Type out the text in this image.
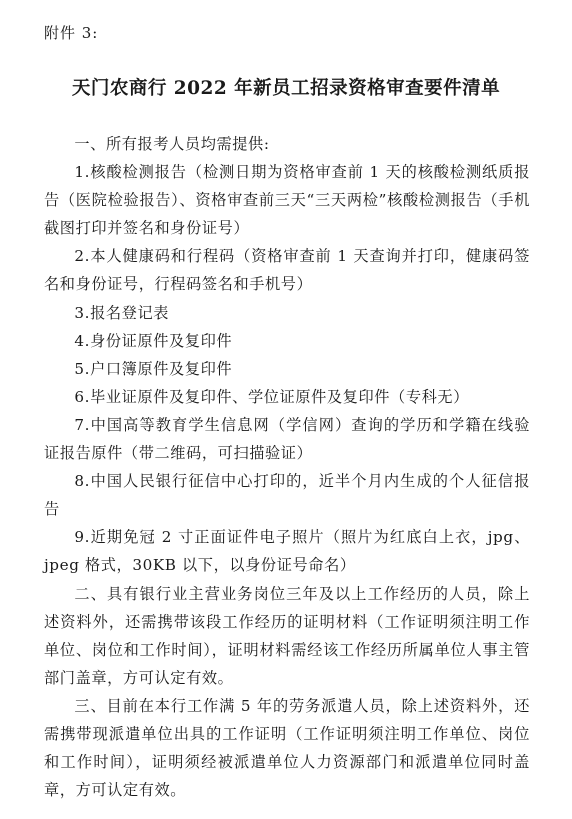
附件 3:
天门农商行 2022 年新员工招录资格审查要件清单

一、所有报考人员均需提供:

1.核酸检测报告（检测日期为资格审查前 1 天的核酸检测纸质报告（医院检验报告）、资格审查前三天“三天两检”核酸检测报告（手机截图打印并签名和身份证号）

2.本人健康码和行程码（资格审查前 1 天查询并打印，健康码签名和身份证号，行程码签名和手机号）

3.报名登记表

4.身份证原件及复印件

5.户口簿原件及复印件

6.毕业证原件及复印件、学位证原件及复印件（专科无）

7.中国高等教育学生信息网（学信网）查询的学历和学籍在线验证报告原件（带二维码，可扫描验证）

8.中国人民银行征信中心打印的，近半个月内生成的个人征信报告

9.近期免冠 2 寸正面证件电子照片（照片为红底白上衣，jpg、jpeg 格式，30KB 以下，以身份证号命名）

二、具有银行业主营业务岗位三年及以上工作经历的人员，除上述资料外，还需携带该段工作经历的证明材料（工作证明须注明工作单位、岗位和工作时间），证明材料需经该工作经历所属单位人事主管部门盖章，方可认定有效。

三、目前在本行工作满 5 年的劳务派遣人员，除上述资料外，还需携带现派遣单位出具的工作证明（工作证明须注明工作单位、岗位和工作时间），证明须经被派遣单位人力资源部门和派遣单位同时盖章，方可认定有效。
